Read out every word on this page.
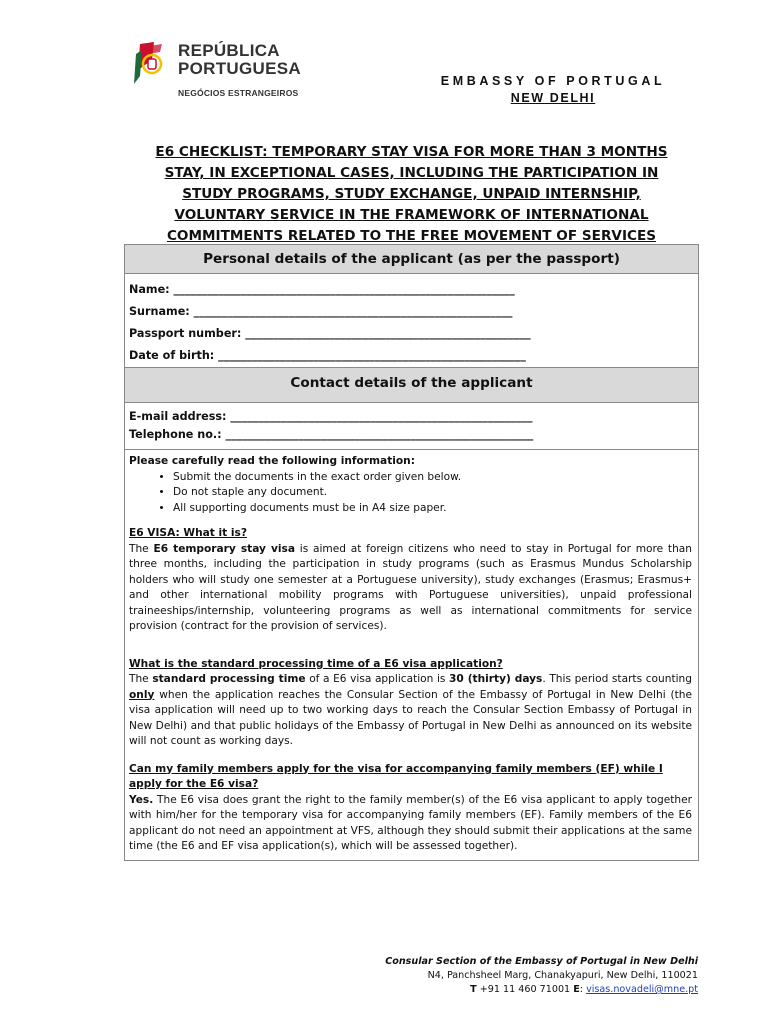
REPÚBLICA
PORTUGUESA
NEGÓCIOS ESTRANGEIROS
EMBASSY OF PORTUGAL
NEW DELHI
E6 CHECKLIST: TEMPORARY STAY VISA FOR MORE THAN 3 MONTHS
STAY, IN EXCEPTIONAL CASES, INCLUDING THE PARTICIPATION IN
STUDY PROGRAMS, STUDY EXCHANGE, UNPAID INTERNSHIP,
VOLUNTARY SERVICE IN THE FRAMEWORK OF INTERNATIONAL
COMMITMENTS RELATED TO THE FREE MOVEMENT OF SERVICES
Personal details of the applicant (as per the passport)
Name: _____________________________________________________________
Surname: _________________________________________________________
Passport number: ___________________________________________________
Date of birth: _______________________________________________________
Contact details of the applicant
E-mail address: ______________________________________________________
Telephone no.: _______________________________________________________
Please carefully read the following information:
• Submit the documents in the exact order given below.
• Do not staple any document.
• All supporting documents must be in A4 size paper.
E6 VISA: What it is?
The E6 temporary stay visa is aimed at foreign citizens who need to stay in Portugal for more than three months, including the participation in study programs (such as Erasmus Mundus Scholarship holders who will study one semester at a Portuguese university), study exchanges (Erasmus; Erasmus+ and other international mobility programs with Portuguese universities), unpaid professional traineeships/internship, volunteering programs as well as international commitments for service provision (contract for the provision of services).
What is the standard processing time of a E6 visa application?
The standard processing time of a E6 visa application is 30 (thirty) days. This period starts counting only when the application reaches the Consular Section of the Embassy of Portugal in New Delhi (the visa application will need up to two working days to reach the Consular Section Embassy of Portugal in New Delhi) and that public holidays of the Embassy of Portugal in New Delhi as announced on its website will not count as working days.
Can my family members apply for the visa for accompanying family members (EF) while I apply for the E6 visa?
Yes. The E6 visa does grant the right to the family member(s) of the E6 visa applicant to apply together with him/her for the temporary visa for accompanying family members (EF). Family members of the E6 applicant do not need an appointment at VFS, although they should submit their applications at the same time (the E6 and EF visa application(s), which will be assessed together).
Consular Section of the Embassy of Portugal in New Delhi
N4, Panchsheel Marg, Chanakyapuri, New Delhi, 110021
T +91 11 460 71001 E: visas.novadeli@mne.pt
